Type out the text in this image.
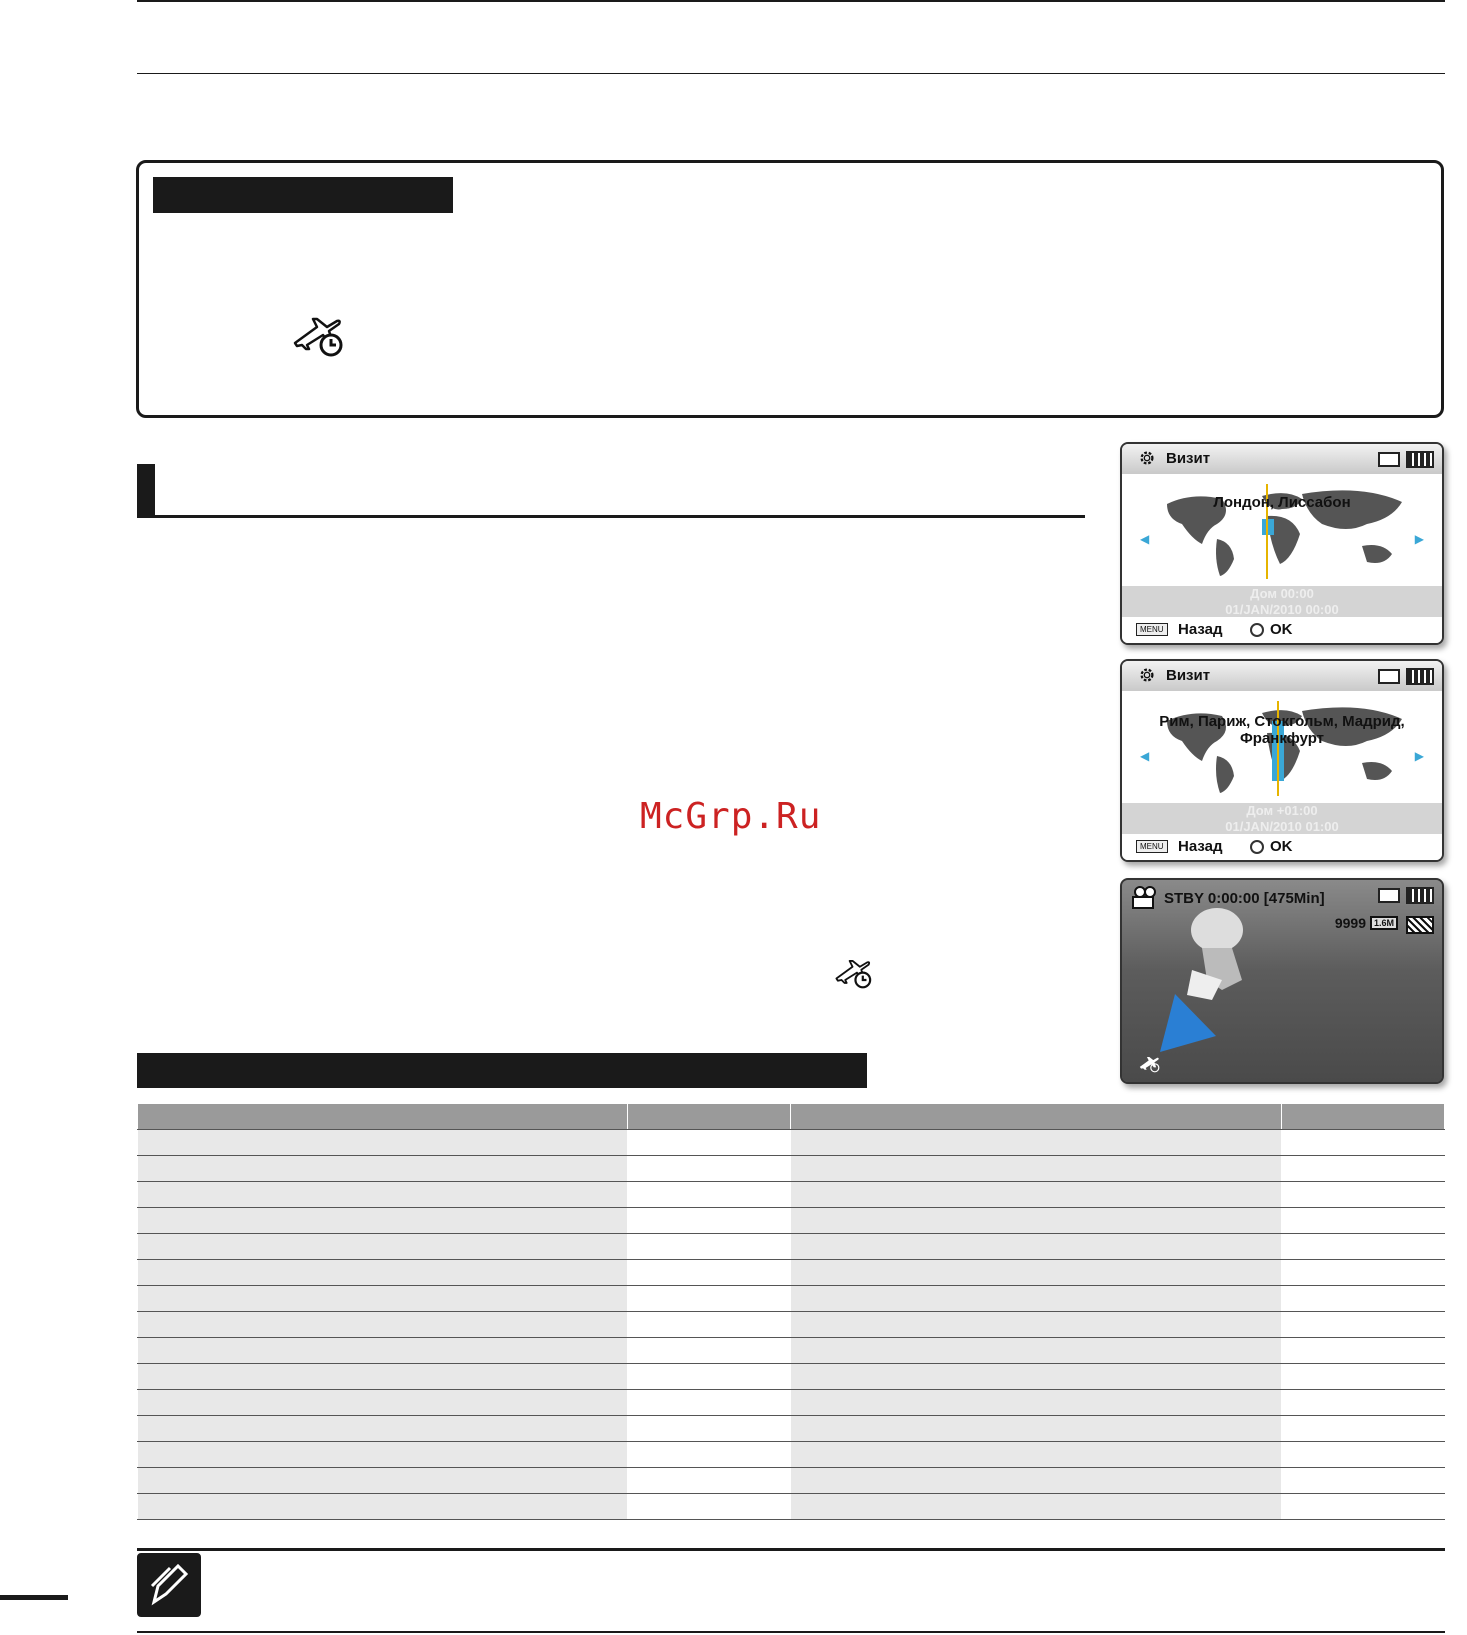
McGrp.Ru
Визит
Лондон, Лиссабон
◀	▶
Дом 00:00
01/JAN/2010 00:00
MENU Назад	OK
Визит
Рим, Париж, Стокгольм, Мадрид,
Франкфурт
◀	▶
Дом +01:00
01/JAN/2010 01:00
MENU Назад	OK
STBY 0:00:00 [475Min]
9999 1.6M
